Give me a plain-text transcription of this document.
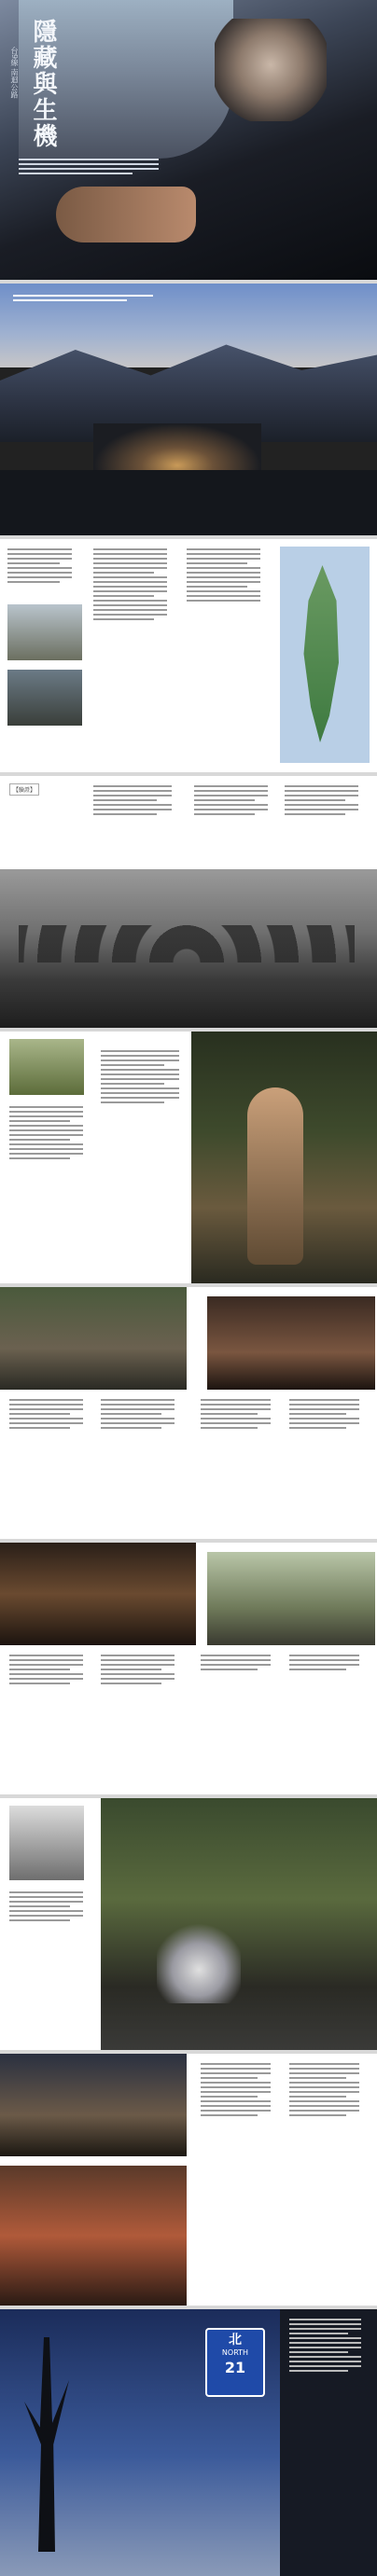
隱藏與生機
台9線 南迴公路
【驗證】
北
NORTH
21
